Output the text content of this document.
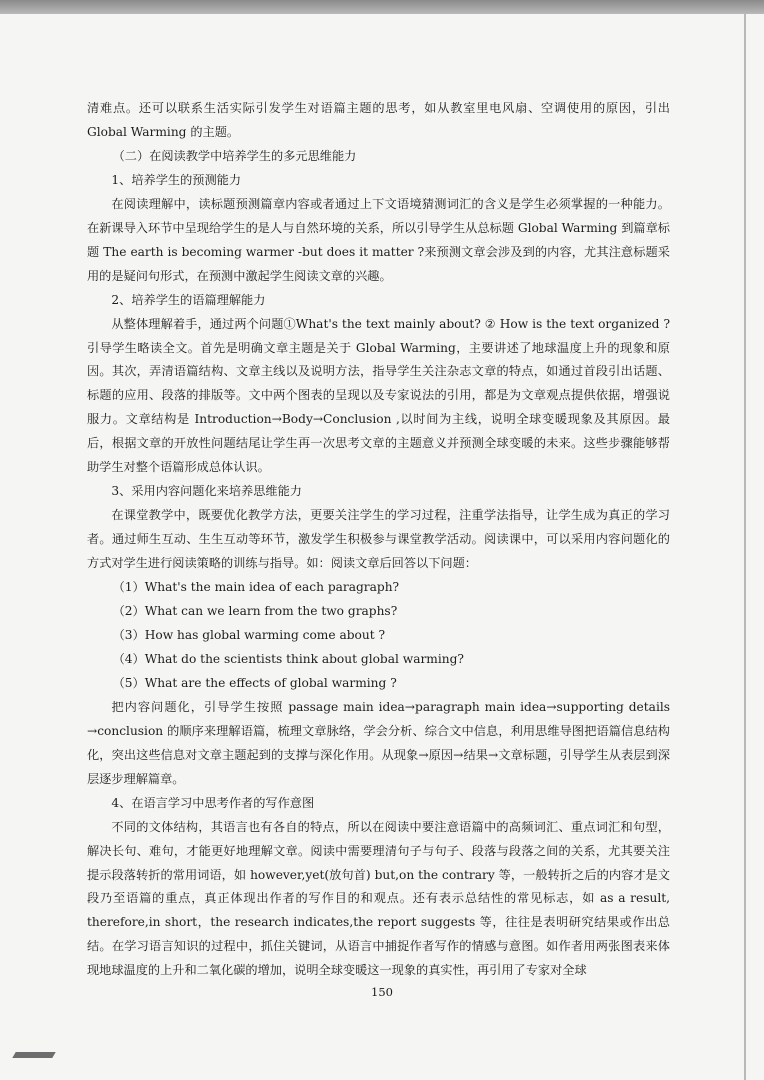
清难点。还可以联系生活实际引发学生对语篇主题的思考，如从教室里电风扇、空调使用的原因，引出 Global Warming 的主题。

（二）在阅读教学中培养学生的多元思维能力

1、培养学生的预测能力

在阅读理解中，读标题预测篇章内容或者通过上下文语境猜测词汇的含义是学生必须掌握的一种能力。在新课导入环节中呈现给学生的是人与自然环境的关系，所以引导学生从总标题 Global Warming 到篇章标题 The earth is becoming warmer -but does it matter ?来预测文章会涉及到的内容，尤其注意标题采用的是疑问句形式，在预测中激起学生阅读文章的兴趣。

2、培养学生的语篇理解能力

从整体理解着手，通过两个问题①What's the text mainly about? ② How is the text organized ? 引导学生略读全文。首先是明确文章主题是关于 Global Warming，主要讲述了地球温度上升的现象和原因。其次，弄清语篇结构、文章主线以及说明方法，指导学生关注杂志文章的特点，如通过首段引出话题、标题的应用、段落的排版等。文中两个图表的呈现以及专家说法的引用，都是为文章观点提供依据，增强说服力。文章结构是 Introduction→Body→Conclusion ,以时间为主线，说明全球变暖现象及其原因。最后，根据文章的开放性问题结尾让学生再一次思考文章的主题意义并预测全球变暖的未来。这些步骤能够帮助学生对整个语篇形成总体认识。

3、采用内容问题化来培养思维能力

在课堂教学中，既要优化教学方法，更要关注学生的学习过程，注重学法指导，让学生成为真正的学习者。通过师生互动、生生互动等环节，激发学生积极参与课堂教学活动。阅读课中，可以采用内容问题化的方式对学生进行阅读策略的训练与指导。如：阅读文章后回答以下问题：

（1）What's the main idea of each paragraph?

（2）What can we learn from the two graphs?

（3）How has global warming come about ?

（4）What do the scientists think about global warming?

（5）What are the effects of global warming ?

把内容问题化，引导学生按照 passage main idea→paragraph main idea→supporting details →conclusion 的顺序来理解语篇，梳理文章脉络，学会分析、综合文中信息，利用思维导图把语篇信息结构化，突出这些信息对文章主题起到的支撑与深化作用。从现象→原因→结果→文章标题，引导学生从表层到深层逐步理解篇章。

4、在语言学习中思考作者的写作意图

不同的文体结构，其语言也有各自的特点，所以在阅读中要注意语篇中的高频词汇、重点词汇和句型，解决长句、难句，才能更好地理解文章。阅读中需要理清句子与句子、段落与段落之间的关系，尤其要关注提示段落转折的常用词语，如 however,yet(放句首) but,on the contrary 等，一般转折之后的内容才是文段乃至语篇的重点，真正体现出作者的写作目的和观点。还有表示总结性的常见标志，如 as a result, therefore,in short，the research indicates,the report suggests 等，往往是表明研究结果或作出总结。在学习语言知识的过程中，抓住关键词，从语言中捕捉作者写作的情感与意图。如作者用两张图表来体现地球温度的上升和二氧化碳的增加，说明全球变暖这一现象的真实性，再引用了专家对全球

150
